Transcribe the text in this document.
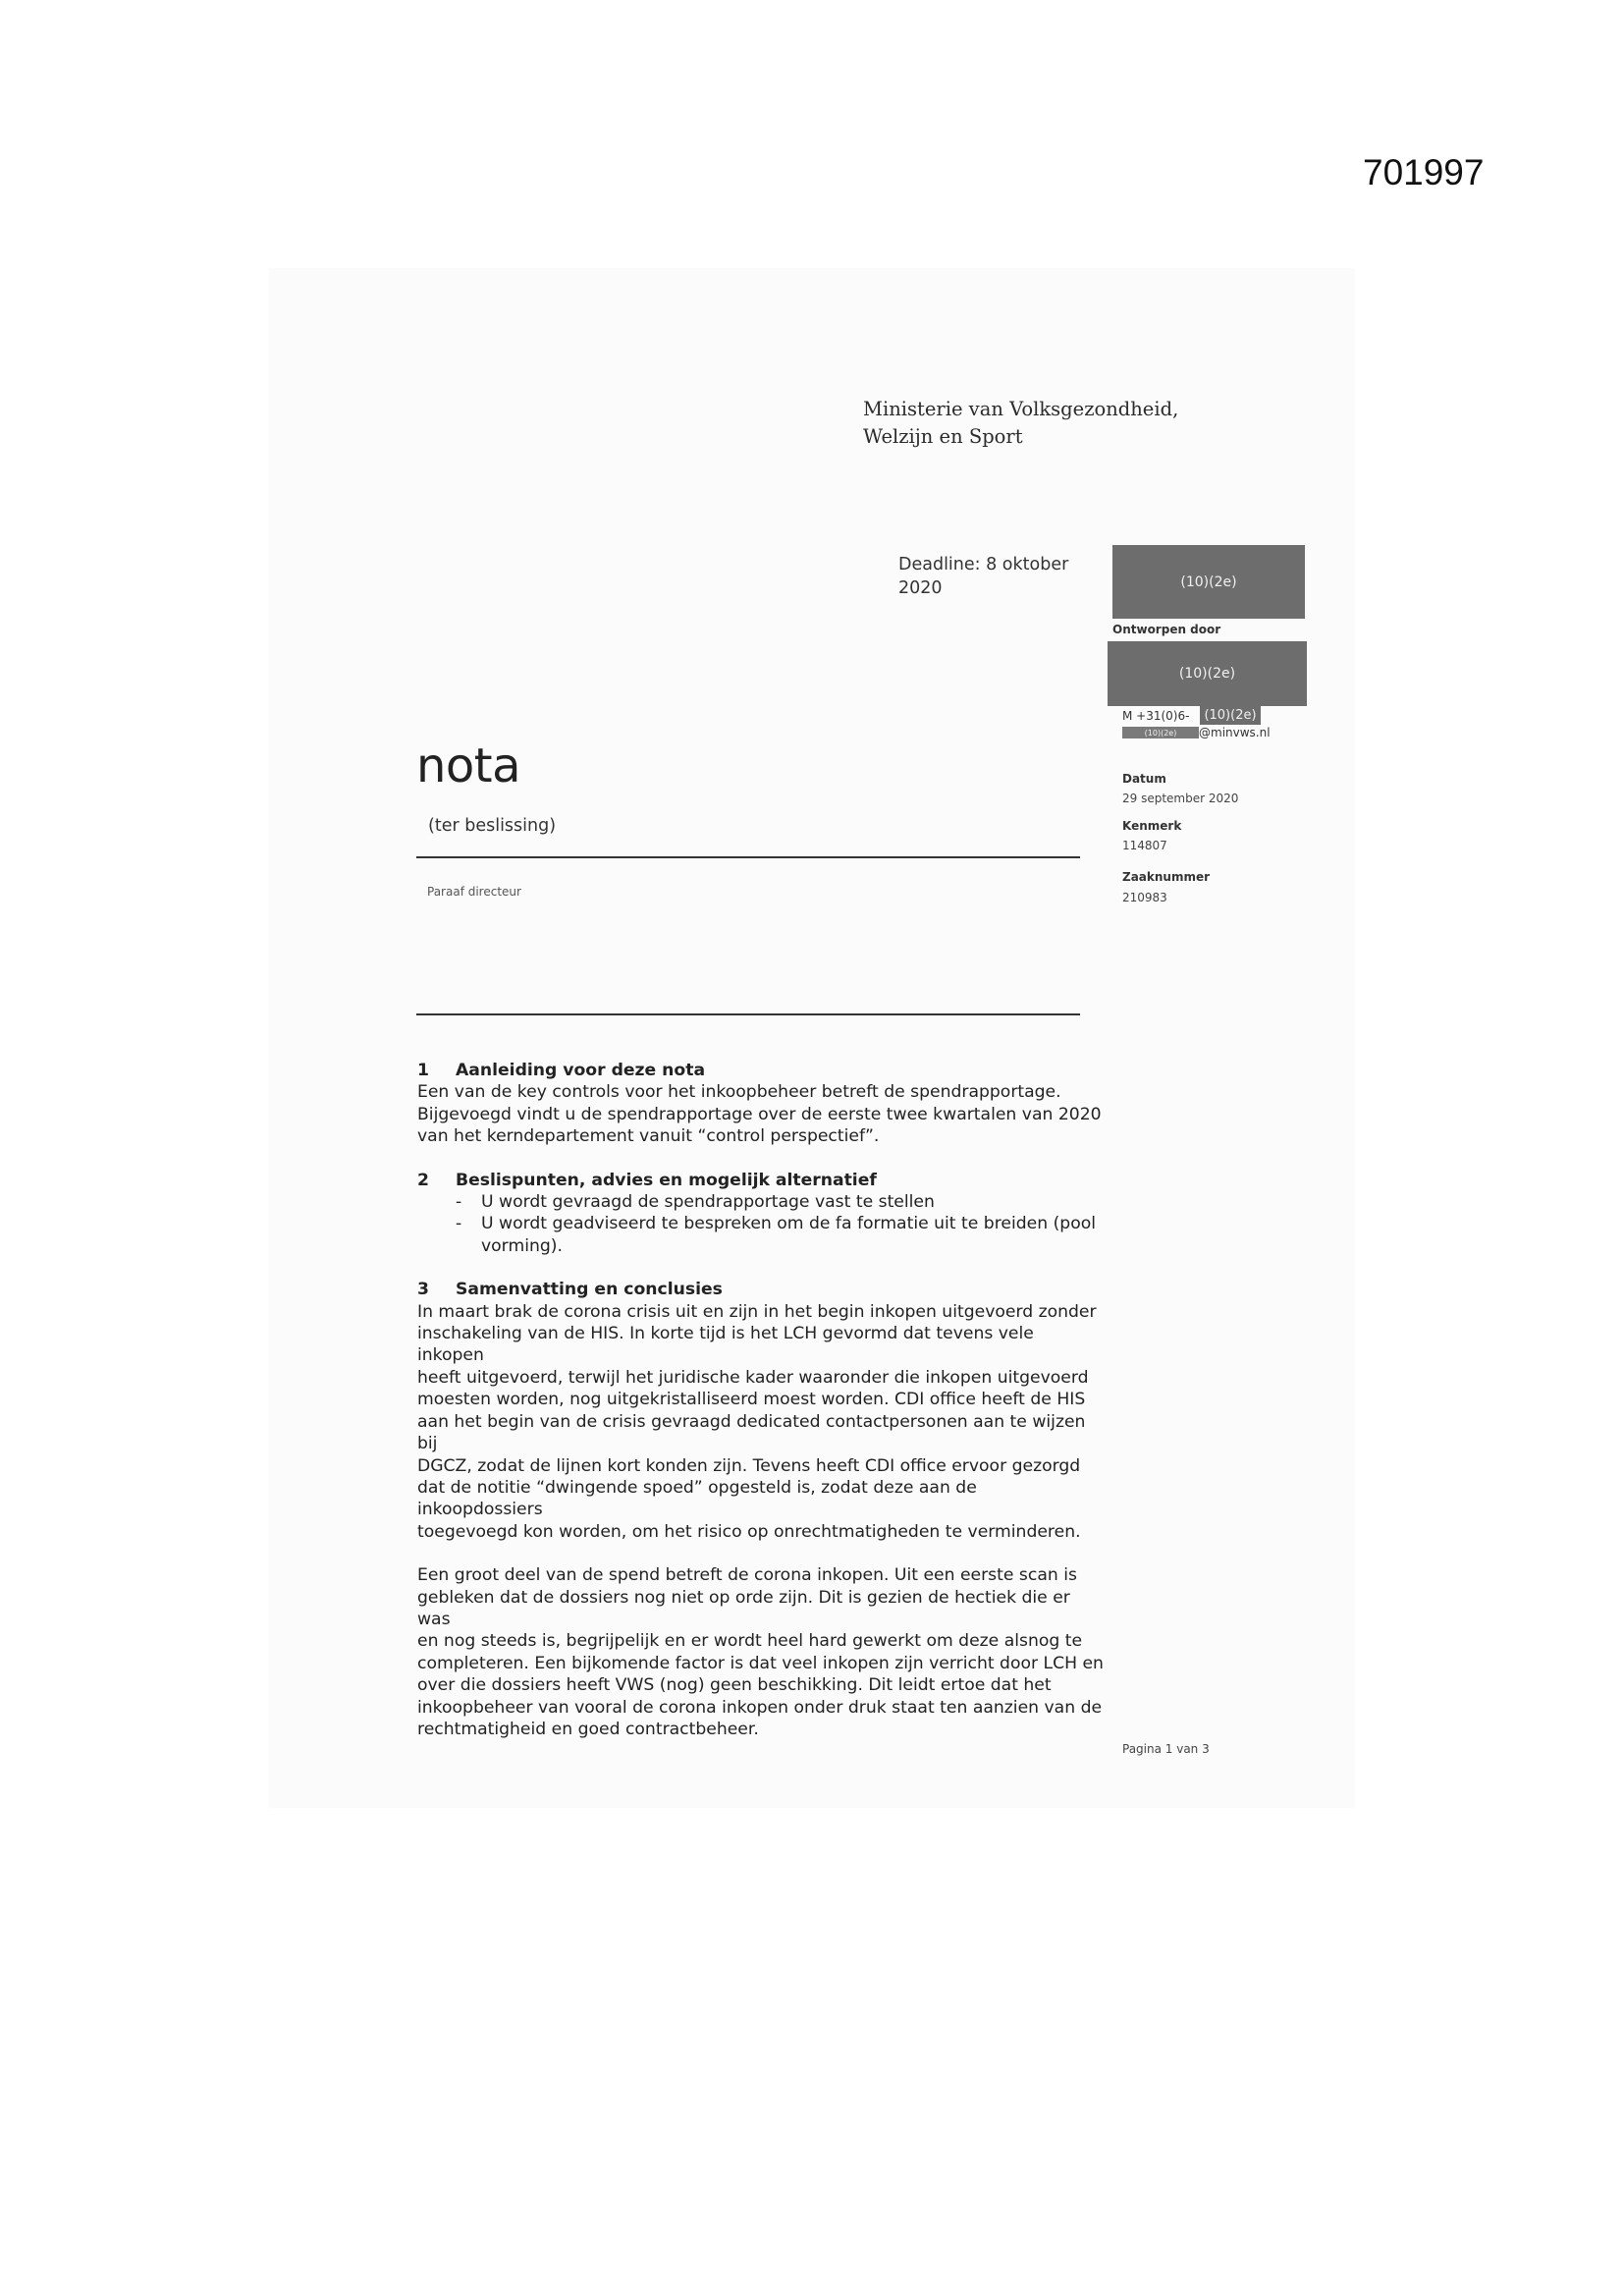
701997
Ministerie van Volksgezondheid,
Welzijn en Sport
Deadline: 8 oktober
2020	(10)(2e)
Ontworpen door
(10)(2e)
M +31(0)6-	(10)(2e)
(10)(2e)	@minvws.nl
Datum
29 september 2020
Kenmerk
114807
Zaaknummer
210983
nota
(ter beslissing)
Paraaf directeur
1	Aanleiding voor deze nota

Een van de key controls voor het inkoopbeheer betreft de spendrapportage.
Bijgevoegd vindt u de spendrapportage over de eerste twee kwartalen van 2020
van het kerndepartement vanuit “control perspectief”.

2	Beslispunten, advies en mogelijk alternatief
-	U wordt gevraagd de spendrapportage vast te stellen
-	U wordt geadviseerd te bespreken om de fa formatie uit te breiden (pool vorming).
3	Samenvatting en conclusies

In maart brak de corona crisis uit en zijn in het begin inkopen uitgevoerd zonder
inschakeling van de HIS. In korte tijd is het LCH gevormd dat tevens vele inkopen
heeft uitgevoerd, terwijl het juridische kader waaronder die inkopen uitgevoerd
moesten worden, nog uitgekristalliseerd moest worden. CDI office heeft de HIS
aan het begin van de crisis gevraagd dedicated contactpersonen aan te wijzen bij
DGCZ, zodat de lijnen kort konden zijn. Tevens heeft CDI office ervoor gezorgd
dat de notitie “dwingende spoed” opgesteld is, zodat deze aan de inkoopdossiers
toegevoegd kon worden, om het risico op onrechtmatigheden te verminderen.

Een groot deel van de spend betreft de corona inkopen. Uit een eerste scan is
gebleken dat de dossiers nog niet op orde zijn. Dit is gezien de hectiek die er was
en nog steeds is, begrijpelijk en er wordt heel hard gewerkt om deze alsnog te
completeren. Een bijkomende factor is dat veel inkopen zijn verricht door LCH en
over die dossiers heeft VWS (nog) geen beschikking. Dit leidt ertoe dat het
inkoopbeheer van vooral de corona inkopen onder druk staat ten aanzien van de
rechtmatigheid en goed contractbeheer.

Pagina 1 van 3
